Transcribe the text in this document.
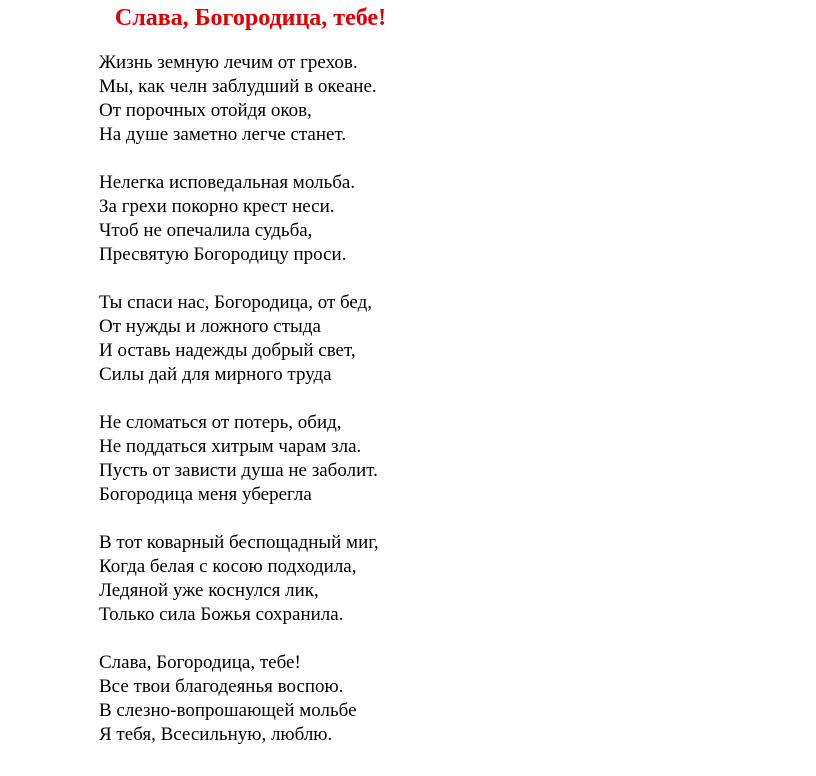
Слава, Богородица, тебе!
Жизнь земную лечим от грехов.
Мы, как челн заблудший в океане.
От порочных отойдя оков,
На душе заметно легче станет.
Нелегка исповедальная мольба.
За грехи покорно крест неси.
Чтоб не опечалила судьба,
Пресвятую Богородицу проси.
Ты спаси нас, Богородица, от бед,
От нужды и ложного стыда
И оставь надежды добрый свет,
Силы дай для мирного труда
Не сломаться от потерь, обид,
Не поддаться хитрым чарам зла.
Пусть от зависти душа не заболит.
Богородица меня уберегла
В тот коварный беспощадный миг,
Когда белая с косою подходила,
Ледяной уже коснулся лик,
Только сила Божья сохранила.
Слава, Богородица, тебе!
Все твои благодеянья воспою.
В слезно-вопрошающей мольбе
Я тебя, Всесильную, люблю.
